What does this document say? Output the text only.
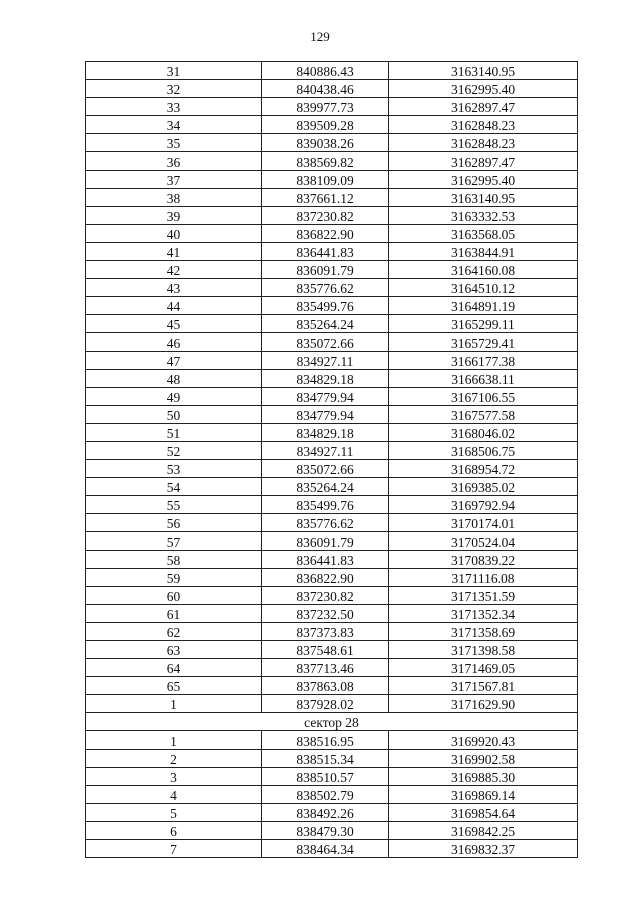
129
31	840886.43	3163140.95
32	840438.46	3162995.40
33	839977.73	3162897.47
34	839509.28	3162848.23
35	839038.26	3162848.23
36	838569.82	3162897.47
37	838109.09	3162995.40
38	837661.12	3163140.95
39	837230.82	3163332.53
40	836822.90	3163568.05
41	836441.83	3163844.91
42	836091.79	3164160.08
43	835776.62	3164510.12
44	835499.76	3164891.19
45	835264.24	3165299.11
46	835072.66	3165729.41
47	834927.11	3166177.38
48	834829.18	3166638.11
49	834779.94	3167106.55
50	834779.94	3167577.58
51	834829.18	3168046.02
52	834927.11	3168506.75
53	835072.66	3168954.72
54	835264.24	3169385.02
55	835499.76	3169792.94
56	835776.62	3170174.01
57	836091.79	3170524.04
58	836441.83	3170839.22
59	836822.90	3171116.08
60	837230.82	3171351.59
61	837232.50	3171352.34
62	837373.83	3171358.69
63	837548.61	3171398.58
64	837713.46	3171469.05
65	837863.08	3171567.81
1	837928.02	3171629.90
сектор 28		
1	838516.95	3169920.43
2	838515.34	3169902.58
3	838510.57	3169885.30
4	838502.79	3169869.14
5	838492.26	3169854.64
6	838479.30	3169842.25
7	838464.34	3169832.37
